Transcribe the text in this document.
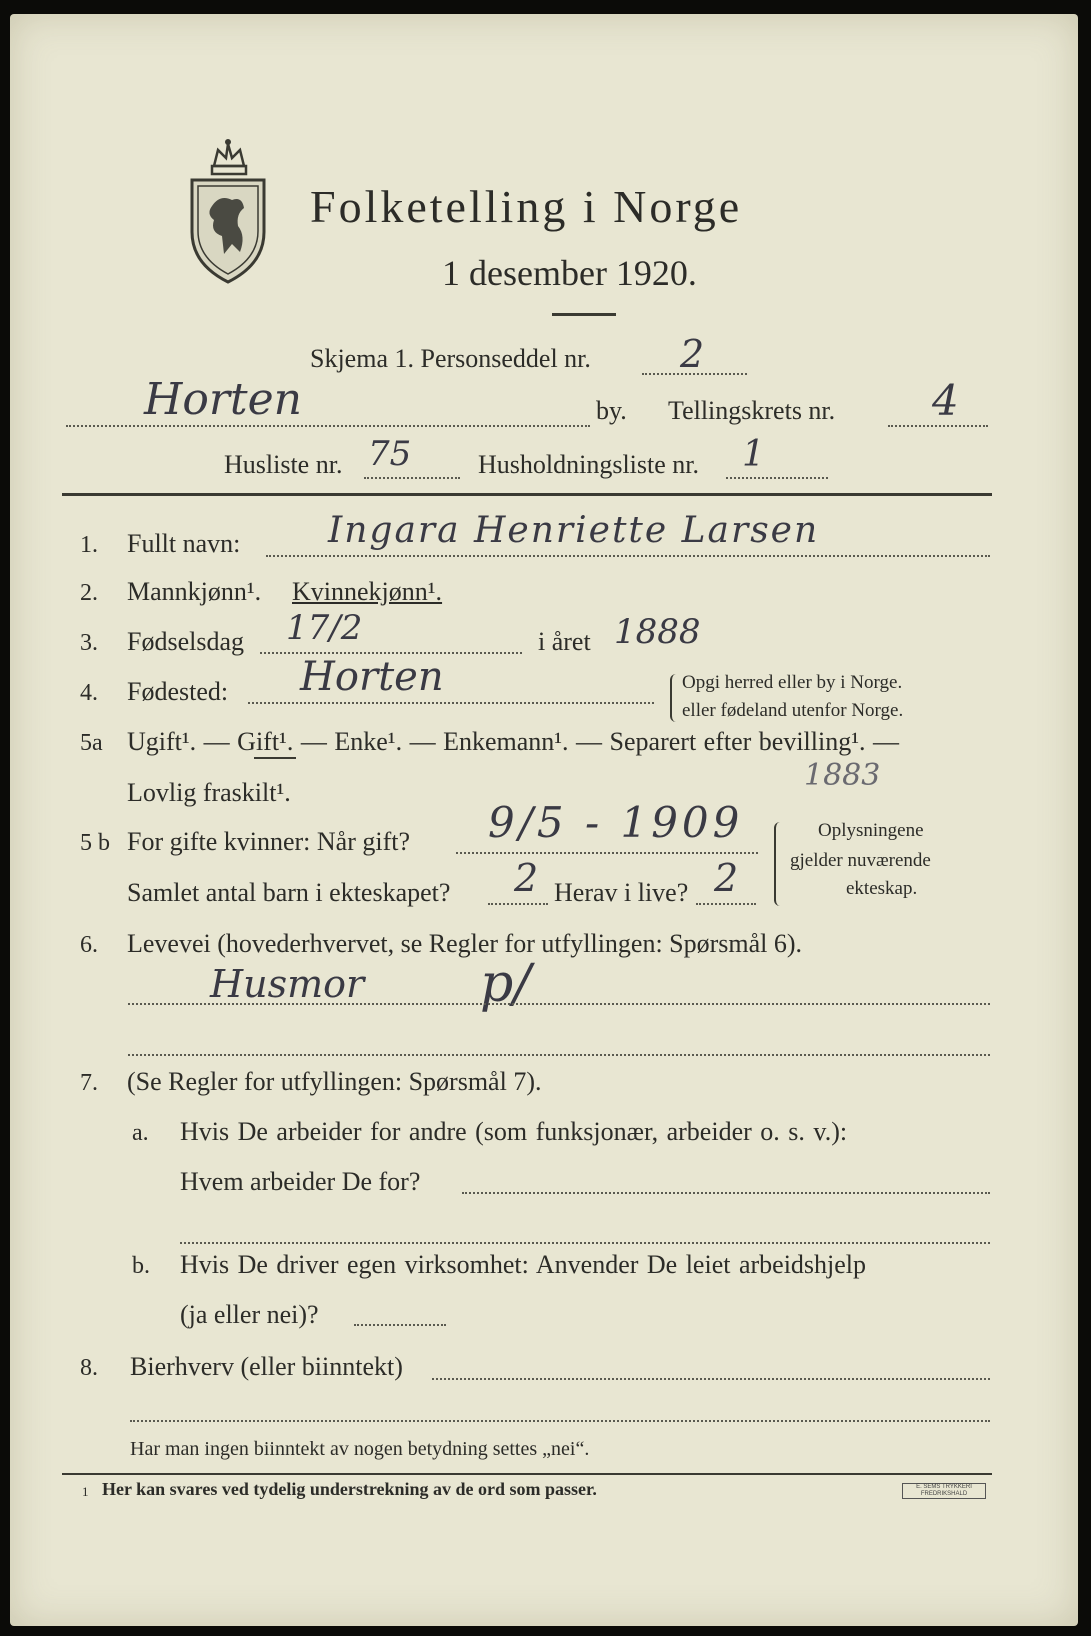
Folketelling i Norge
1 desember 1920.
Skjema 1. Personseddel nr. 2
Horten	by. Tellingskrets nr. 4
Husliste nr. 75	Husholdningsliste nr. 1
1. Fullt navn: Ingara Henriette Larsen
2. Mannkjønn¹. Kvinnekjønn¹.
3. Fødselsdag 17/2	i året 1888
4. Fødested: Horten	Opgi herred eller by i Norge.
eller fødeland utenfor Norge.
5a Ugift¹. — Gift¹. — Enke¹. — Enkemann¹. — Separert efter bevilling¹. —
Lovlig fraskilt¹.	1883
5 b For gifte kvinner: Når gift? 9/5 - 1909
Samlet antal barn i ekteskapet? 2 Herav i live? 2
Oplysningene
gjelder nuværende
ekteskap.
6. Levevei (hovederhvervet, se Regler for utfyllingen: Spørsmål 6).
Husmor p/
7. (Se Regler for utfyllingen: Spørsmål 7).
a. Hvis De arbeider for andre (som funksjonær, arbeider o. s. v.):
Hvem arbeider De for?
b. Hvis De driver egen virksomhet: Anvender De leiet arbeidshjelp
(ja eller nei)?
8. Bierhverv (eller biinntekt)
Har man ingen biinntekt av nogen betydning settes „nei“.
1 Her kan svares ved tydelig understrekning av de ord som passer.	E. SEMS TRYKKERI FREDRIKSHALD
